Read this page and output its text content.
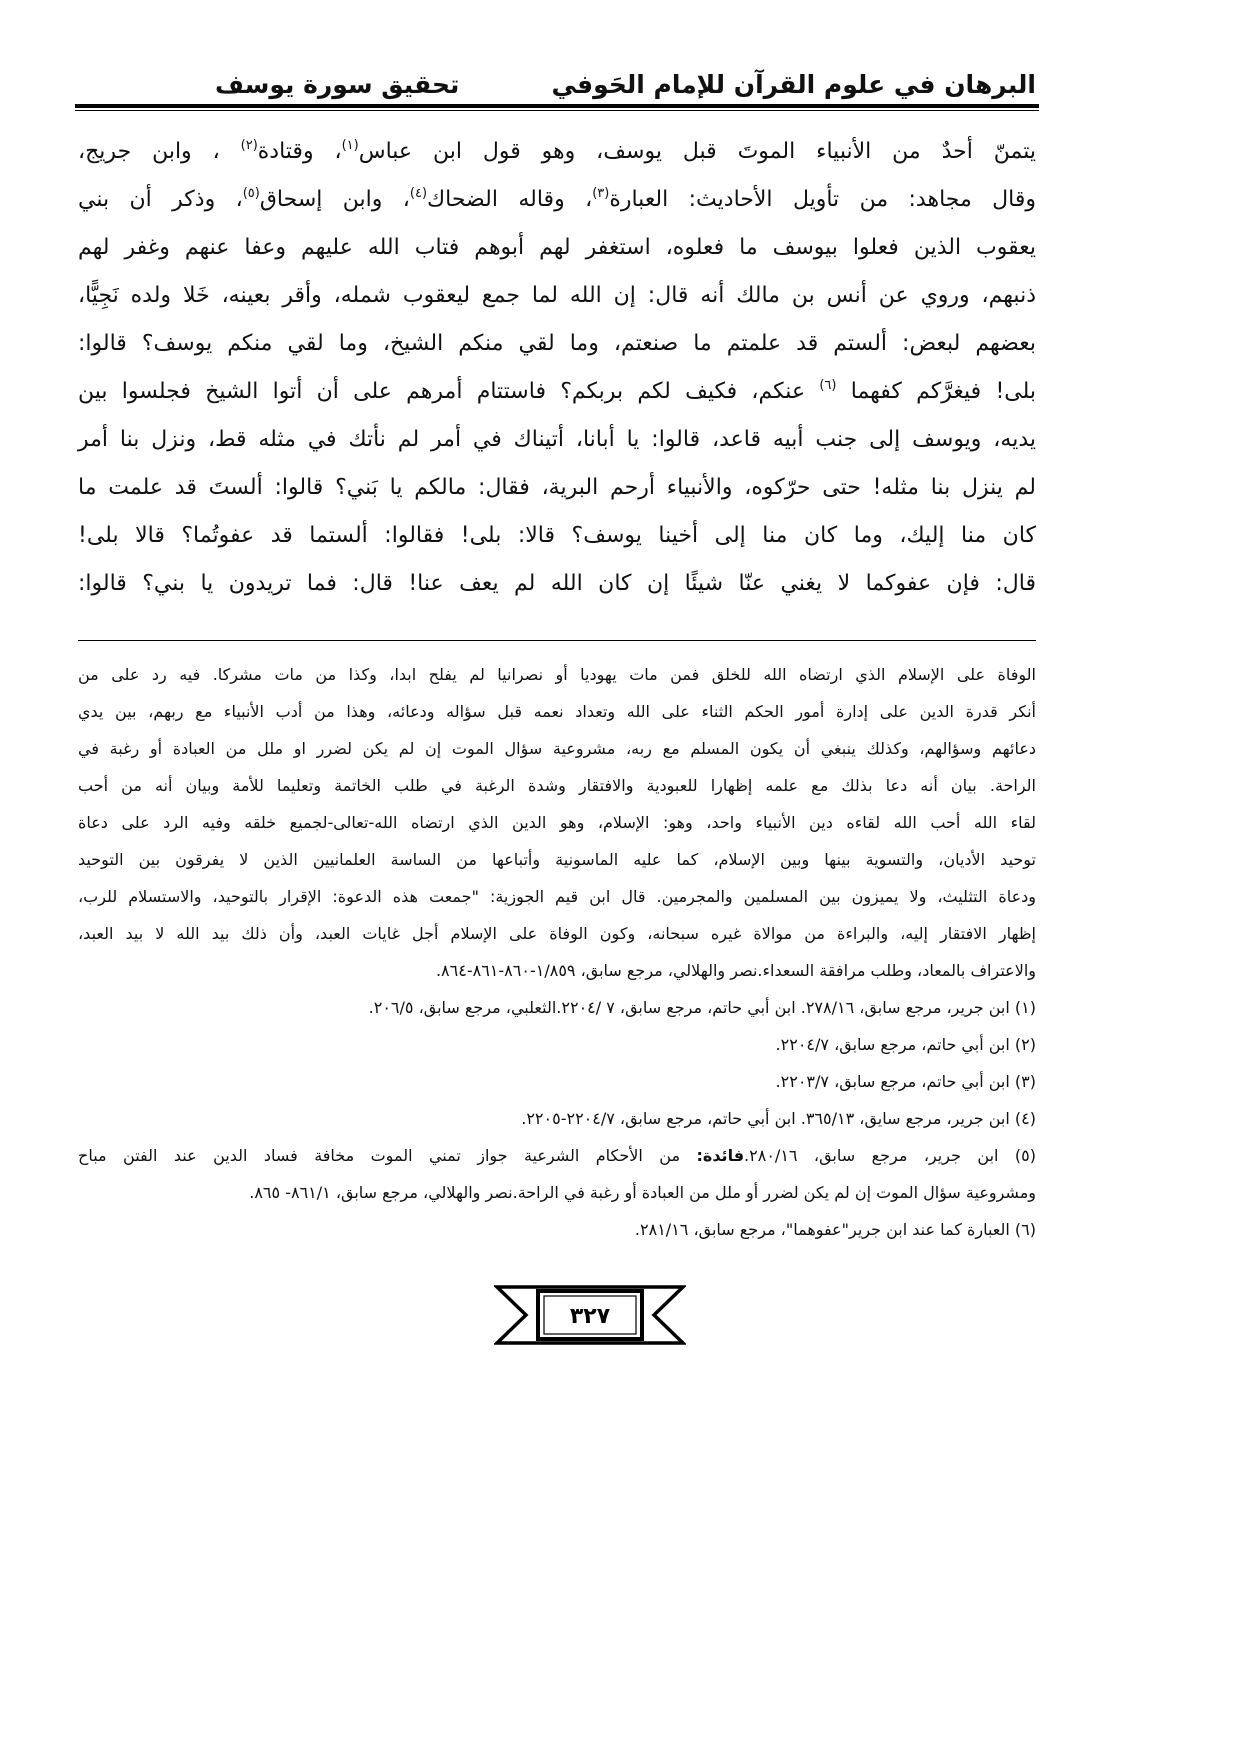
البرهان في علوم القرآن للإمام الحَوفي
تحقيق سورة يوسف
يتمنّ أحدٌ من الأنبياء الموتَ قبل يوسف، وهو قول ابن عباس$^{(١)}$، وقتادة$^{(٢)}$ ، وابن جريج،
وقال مجاهد: من تأويل الأحاديث: العبارة$^{(٣)}$، وقاله الضحاك$^{(٤)}$، وابن إسحاق$^{(٥)}$، وذكر أن بني
يعقوب الذين فعلوا بيوسف ما فعلوه، استغفر لهم أبوهم فتاب الله عليهم وعفا عنهم وغفر لهم
ذنبهم، وروي عن أنس بن مالك أنه قال: إن الله لما جمع ليعقوب شمله، وأقر بعينه، خَلا ولده نَجِيًّا،
بعضهم لبعض: ألستم قد علمتم ما صنعتم، وما لقي منكم الشيخ، وما لقي منكم يوسف؟ قالوا:
بلى! فيغرَّكم كفهما $^{(٦)}$ عنكم، فكيف لكم بربكم؟ فاستتام أمرهم على أن أتوا الشيخ فجلسوا بين
يديه، ويوسف إلى جنب أبيه قاعد، قالوا: يا أبانا، أتيناك في أمر لم نأتك في مثله قط، ونزل بنا أمر
لم ينزل بنا مثله! حتى حرّكوه، والأنبياء أرحم البرية، فقال: مالكم يا بَني؟ قالوا: ألستَ قد علمت ما
كان منا إليك، وما كان منا إلى أخينا يوسف؟ قالا: بلى! فقالوا: ألستما قد عفوتُما؟ قالا بلى!
قال: فإن عفوكما لا يغني عنّا شيئًا إن كان الله لم يعف عنا! قال: فما تريدون يا بني؟ قالوا:
الوفاة على الإسلام الذي ارتضاه الله للخلق فمن مات يهوديا أو نصرانيا لم يفلح ابدا، وكذا من مات مشركا. فيه رد على من
أنكر قدرة الدين على إدارة أمور الحكم الثناء على الله وتعداد نعمه قبل سؤاله ودعائه، وهذا من أدب الأنبياء مع ربهم، بين يدي
دعائهم وسؤالهم، وكذلك ينبغي أن يكون المسلم مع ربه، مشروعية سؤال الموت إن لم يكن لضرر او ملل من العبادة أو رغبة في
الراحة. بيان أنه دعا بذلك مع علمه إظهارا للعبودية والافتقار وشدة الرغبة في طلب الخاتمة وتعليما للأمة وبيان أنه من أحب
لقاء الله أحب الله لقاءه دين الأنبياء واحد، وهو: الإسلام، وهو الدين الذي ارتضاه الله-تعالى-لجميع خلقه وفيه الرد على دعاة
توحيد الأديان، والتسوية بينها وبين الإسلام، كما عليه الماسونية وأتباعها من الساسة العلمانيين الذين لا يفرقون بين التوحيد
ودعاة التثليث، ولا يميزون بين المسلمين والمجرمين. قال ابن قيم الجوزية: "جمعت هذه الدعوة: الإقرار بالتوحيد، والاستسلام للرب،
إظهار الافتقار إليه، والبراءة من موالاة غيره سبحانه، وكون الوفاة على الإسلام أجل غايات العبد، وأن ذلك بيد الله لا بيد العبد،
والاعتراف بالمعاد، وطلب مرافقة السعداء.نصر والهلالي، مرجع سابق، ١/٨٥٩-٨٦٠-٨٦١-٨٦٤.
(١) ابن جرير، مرجع سابق، ٢٧٨/١٦. ابن أبي حاتم، مرجع سابق، ٧ /٢٢٠٤.الثعلبي، مرجع سابق، ٢٠٦/٥.
(٢) ابن أبي حاتم، مرجع سابق، ٢٢٠٤/٧.
(٣) ابن أبي حاتم، مرجع سابق، ٢٢٠٣/٧.
(٤) ابن جرير، مرجع سايق، ٣٦٥/١٣. ابن أبي حاتم، مرجع سابق، ٢٢٠٤/٧-٢٢٠٥.
(٥) ابن جرير، مرجع سابق، ٢٨٠/١٦.فائدة: من الأحكام الشرعية جواز تمني الموت مخافة فساد الدين عند الفتن مباح
ومشروعية سؤال الموت إن لم يكن لضرر أو ملل من العبادة أو رغبة في الراحة.نصر والهلالي، مرجع سابق، ٨٦١/١- ٨٦٥.
(٦) العبارة كما عند ابن جرير"عفوهما"، مرجع سابق، ٢٨١/١٦.
٣٢٧
